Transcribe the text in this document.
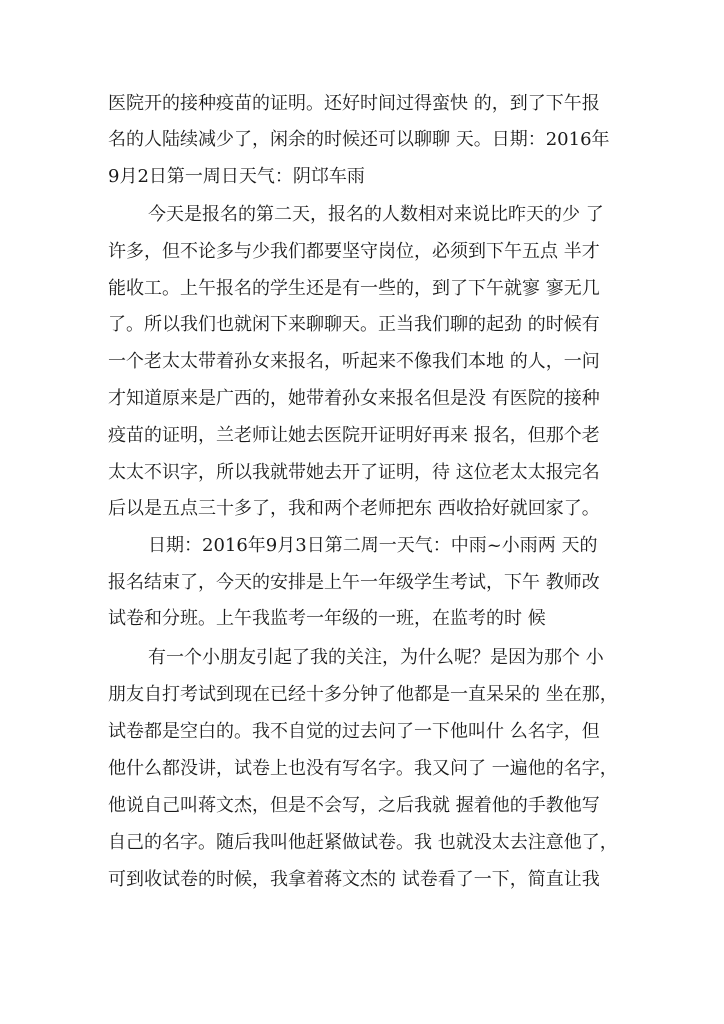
医院开的接种疫苗的证明。还好时间过得蛮快 的，到了下午报
名的人陆续减少了，闲余的时候还可以聊聊 天。日期：2016年
9月2日第一周日天气：阴邙车雨
今天是报名的第二天，报名的人数相对来说比昨天的少 了
许多，但不论多与少我们都要坚守岗位，必须到下午五点 半才
能收工。上午报名的学生还是有一些的，到了下午就寥 寥无几
了。所以我们也就闲下来聊聊天。正当我们聊的起劲 的时候有
一个老太太带着孙女来报名，听起来不像我们本地 的人，一问
才知道原来是广西的，她带着孙女来报名但是没 有医院的接种
疫苗的证明，兰老师让她去医院开证明好再来 报名，但那个老
太太不识字，所以我就带她去开了证明，待 这位老太太报完名
后以是五点三十多了，我和两个老师把东 西收拾好就回家了。
日期：2016年9月3日第二周一天气：中雨~小雨两 天的
报名结束了，今天的安排是上午一年级学生考试，下午 教师改
试卷和分班。上午我监考一年级的一班，在监考的时 候
有一个小朋友引起了我的关注，为什么呢？是因为那个 小
朋友自打考试到现在已经十多分钟了他都是一直呆呆的 坐在那，
试卷都是空白的。我不自觉的过去问了一下他叫什 么名字，但
他什么都没讲，试卷上也没有写名字。我又问了 一遍他的名字，
他说自己叫蒋文杰，但是不会写，之后我就 握着他的手教他写
自己的名字。随后我叫他赶紧做试卷。我 也就没太去注意他了，
可到收试卷的时候，我拿着蒋文杰的 试卷看了一下，简直让我
